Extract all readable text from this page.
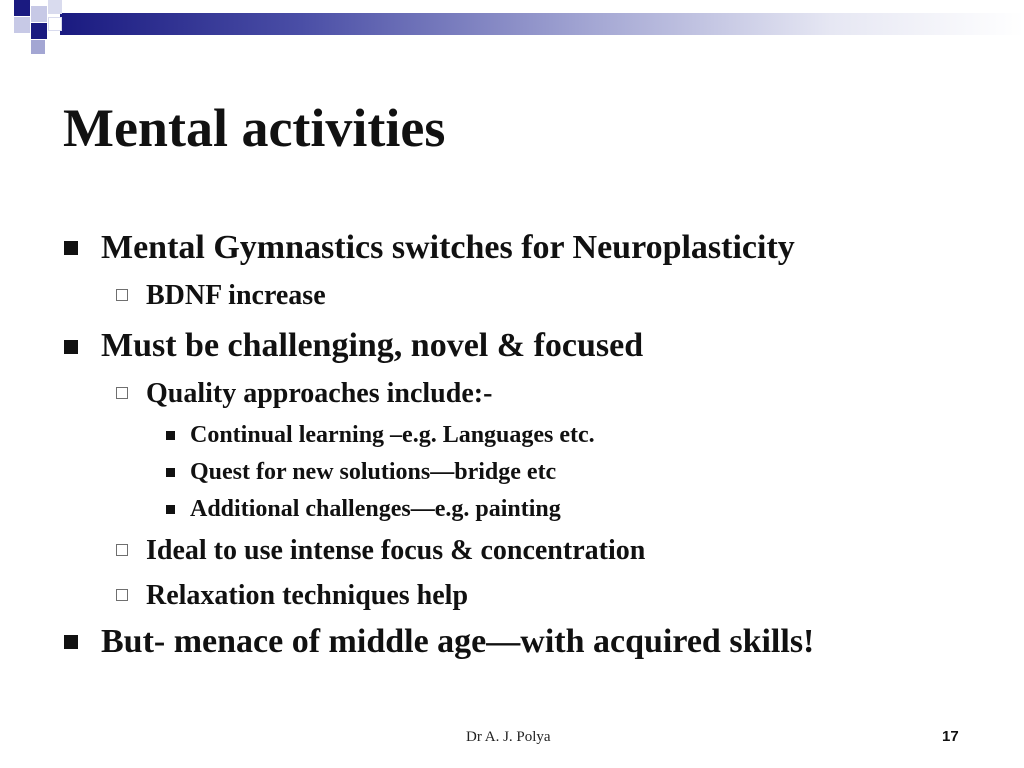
Mental activities
Mental Gymnastics switches for Neuroplasticity
BDNF increase
Must be challenging, novel & focused
Quality approaches include:-
Continual learning –e.g. Languages etc.
Quest for new solutions—bridge etc
Additional challenges—e.g. painting
Ideal to use intense focus & concentration
Relaxation techniques help
But- menace of middle age—with acquired skills!
Dr A. J. Polya	17
